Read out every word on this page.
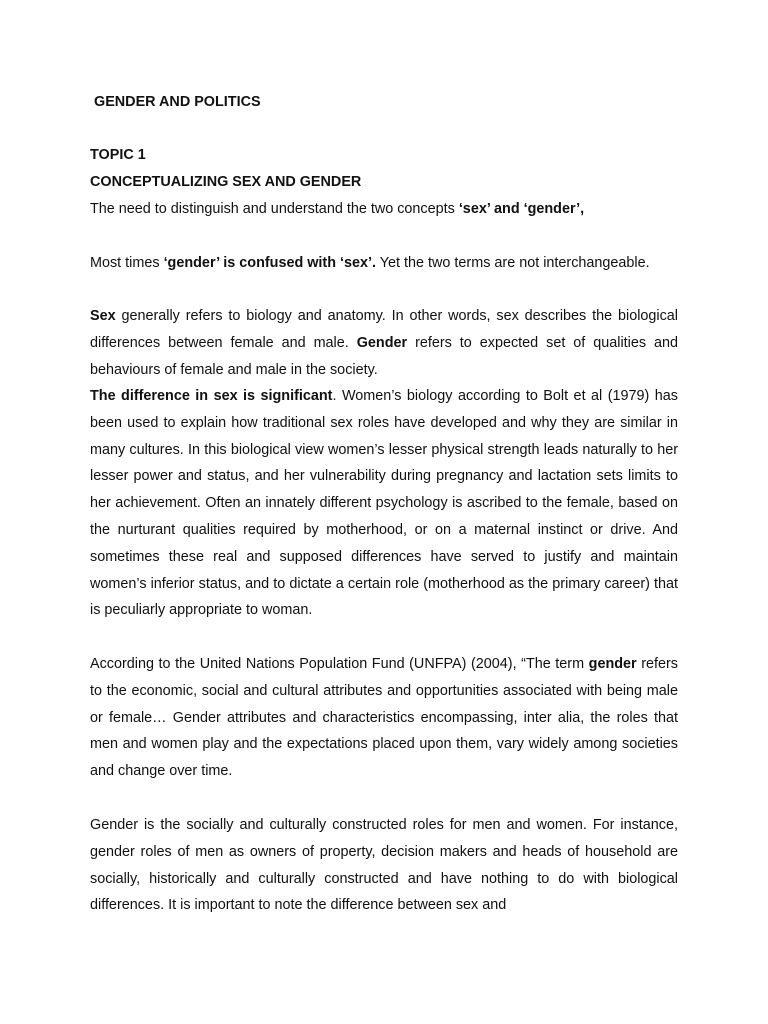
GENDER AND POLITICS

TOPIC 1

CONCEPTUALIZING SEX AND GENDER

The need to distinguish and understand the two concepts ‘sex’ and ‘gender’,

Most times ‘gender’ is confused with ‘sex’. Yet the two terms are not interchangeable.

Sex generally refers to biology and anatomy. In other words, sex describes the biological differences between female and male. Gender refers to expected set of qualities and behaviours of female and male in the society.

The difference in sex is significant. Women’s biology according to Bolt et al (1979) has been used to explain how traditional sex roles have developed and why they are similar in many cultures. In this biological view women’s lesser physical strength leads naturally to her lesser power and status, and her vulnerability during pregnancy and lactation sets limits to her achievement. Often an innately different psychology is ascribed to the female, based on the nurturant qualities required by motherhood, or on a maternal instinct or drive. And sometimes these real and supposed differences have served to justify and maintain women’s inferior status, and to dictate a certain role (motherhood as the primary career) that is peculiarly appropriate to woman.

According to the United Nations Population Fund (UNFPA) (2004), “The term gender refers to the economic, social and cultural attributes and opportunities associated with being male or female… Gender attributes and characteristics encompassing, inter alia, the roles that men and women play and the expectations placed upon them, vary widely among societies and change over time.

Gender is the socially and culturally constructed roles for men and women. For instance, gender roles of men as owners of property, decision makers and heads of household are socially, historically and culturally constructed and have nothing to do with biological differences. It is important to note the difference between sex and
